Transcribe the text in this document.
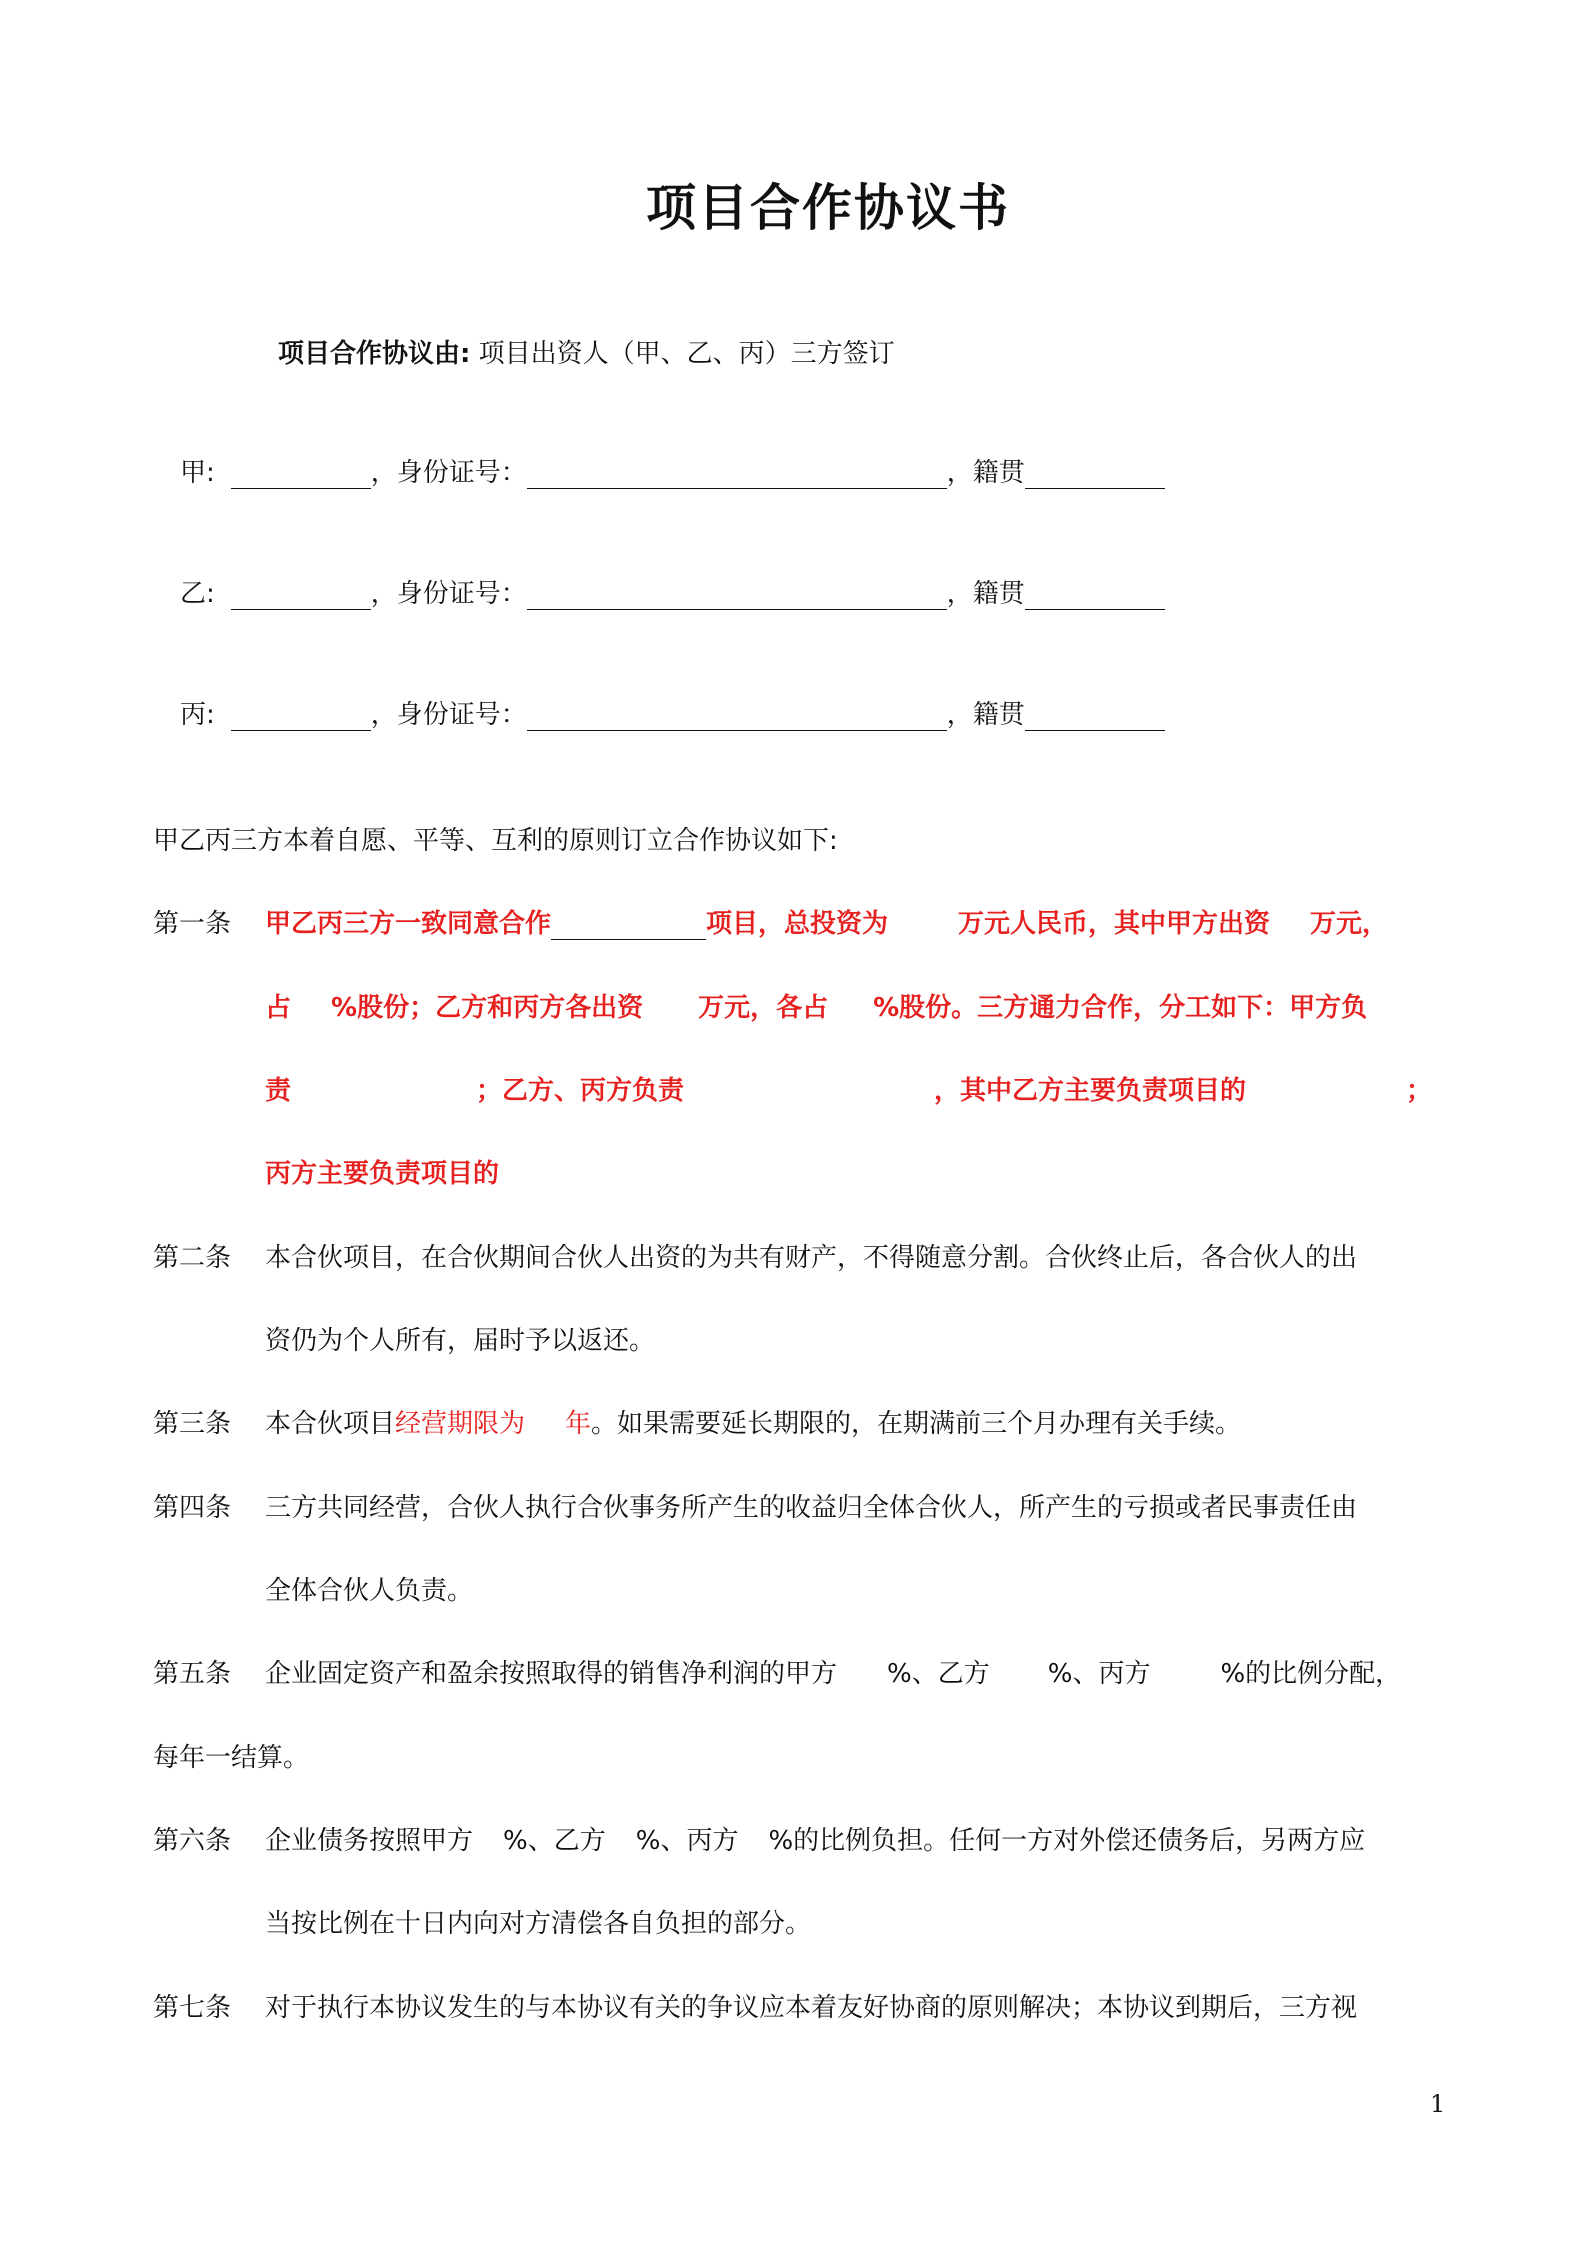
项目合作协议书
项目合作协议由: 项目出资人（甲、乙、丙）三方签订
甲:	，身份证号：	，籍贯
乙:	，身份证号：	，籍贯
丙:	，身份证号：	，籍贯
甲乙丙三方本着自愿、平等、互利的原则订立合作协议如下:
第一条 甲乙丙三方一致同意合作	项目，总投资为	万元人民币，其中甲方出资 万元，
占 %股份；乙方和丙方各出资 万元，各占 %股份。三方通力合作，分工如下：甲方负
责	；乙方、丙方负责	，其中乙方主要负责项目的	；
丙方主要负责项目的
第二条 本合伙项目，在合伙期间合伙人出资的为共有财产，不得随意分割。合伙终止后，各合伙人的出
资仍为个人所有，届时予以返还。
第三条 本合伙项目经营期限为 年。如果需要延长期限的，在期满前三个月办理有关手续。
第四条 三方共同经营，合伙人执行合伙事务所产生的收益归全体合伙人，所产生的亏损或者民事责任由
全体合伙人负责。
第五条 企业固定资产和盈余按照取得的销售净利润的甲方 %、乙方 %、丙方	%的比例分配，
每年一结算。
第六条 企业债务按照甲方 %、乙方 %、丙方 %的比例负担。任何一方对外偿还债务后，另两方应
当按比例在十日内向对方清偿各自负担的部分。
第七条 对于执行本协议发生的与本协议有关的争议应本着友好协商的原则解决；本协议到期后，三方视
1
